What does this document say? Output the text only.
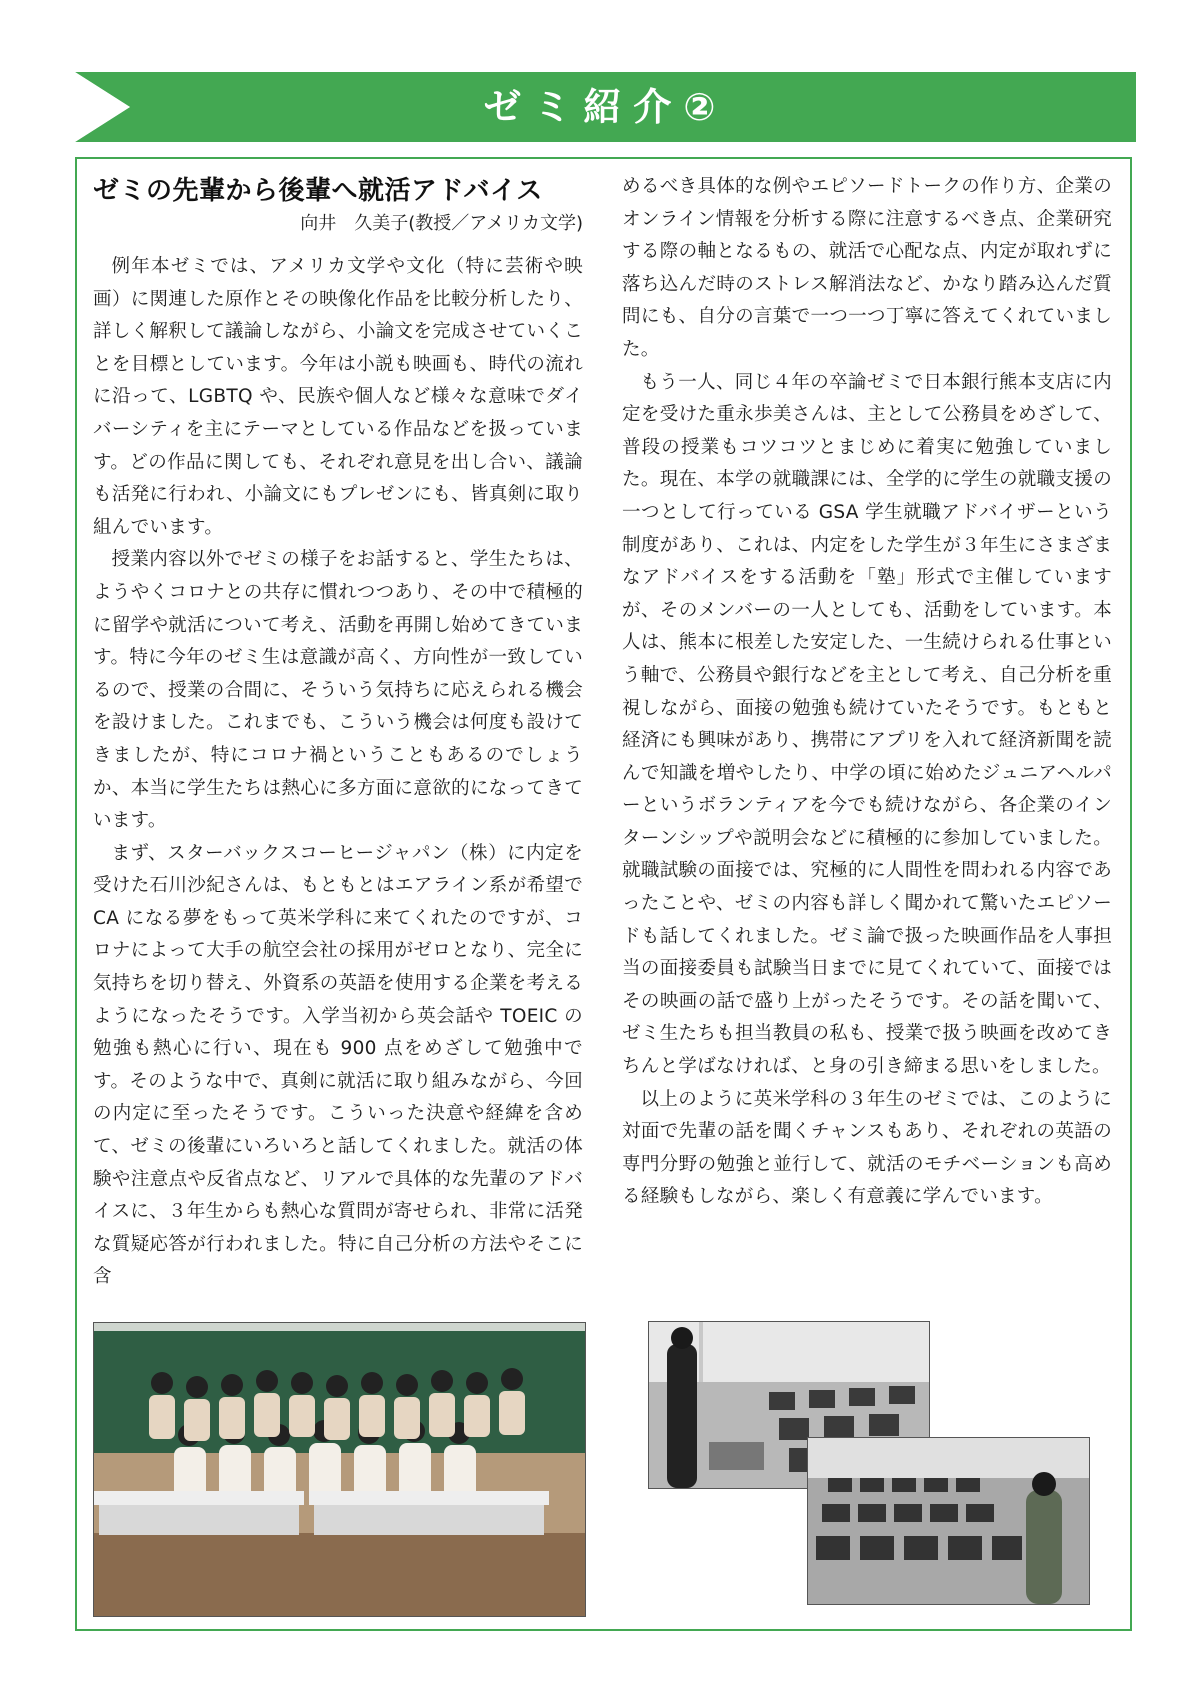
ゼミ紹介②
ゼミの先輩から後輩へ就活アドバイス

向井　久美子(教授／アメリカ文学)

例年本ゼミでは、アメリカ文学や文化（特に芸術や映画）に関連した原作とその映像化作品を比較分析したり、詳しく解釈して議論しながら、小論文を完成させていくことを目標としています。今年は小説も映画も、時代の流れに沿って、LGBTQ や、民族や個人など様々な意味でダイバーシティを主にテーマとしている作品などを扱っています。どの作品に関しても、それぞれ意見を出し合い、議論も活発に行われ、小論文にもプレゼンにも、皆真剣に取り組んでいます。

授業内容以外でゼミの様子をお話すると、学生たちは、ようやくコロナとの共存に慣れつつあり、その中で積極的に留学や就活について考え、活動を再開し始めてきています。特に今年のゼミ生は意識が高く、方向性が一致しているので、授業の合間に、そういう気持ちに応えられる機会を設けました。これまでも、こういう機会は何度も設けてきましたが、特にコロナ禍ということもあるのでしょうか、本当に学生たちは熱心に多方面に意欲的になってきています。

まず、スターバックスコーヒージャパン（株）に内定を受けた石川沙紀さんは、もともとはエアライン系が希望で CA になる夢をもって英米学科に来てくれたのですが、コロナによって大手の航空会社の採用がゼロとなり、完全に気持ちを切り替え、外資系の英語を使用する企業を考えるようになったそうです。入学当初から英会話や TOEIC の勉強も熱心に行い、現在も 900 点をめざして勉強中です。そのような中で、真剣に就活に取り組みながら、今回の内定に至ったそうです。こういった決意や経緯を含めて、ゼミの後輩にいろいろと話してくれました。就活の体験や注意点や反省点など、リアルで具体的な先輩のアドバイスに、３年生からも熱心な質問が寄せられ、非常に活発な質疑応答が行われました。特に自己分析の方法やそこに含

めるべき具体的な例やエピソードトークの作り方、企業のオンライン情報を分析する際に注意するべき点、企業研究する際の軸となるもの、就活で心配な点、内定が取れずに落ち込んだ時のストレス解消法など、かなり踏み込んだ質問にも、自分の言葉で一つ一つ丁寧に答えてくれていました。

もう一人、同じ４年の卒論ゼミで日本銀行熊本支店に内定を受けた重永歩美さんは、主として公務員をめざして、普段の授業もコツコツとまじめに着実に勉強していました。現在、本学の就職課には、全学的に学生の就職支援の一つとして行っている GSA 学生就職アドバイザーという制度があり、これは、内定をした学生が３年生にさまざまなアドバイスをする活動を「塾」形式で主催していますが、そのメンバーの一人としても、活動をしています。本人は、熊本に根差した安定した、一生続けられる仕事という軸で、公務員や銀行などを主として考え、自己分析を重視しながら、面接の勉強も続けていたそうです。もともと経済にも興味があり、携帯にアプリを入れて経済新聞を読んで知識を増やしたり、中学の頃に始めたジュニアヘルパーというボランティアを今でも続けながら、各企業のインターンシップや説明会などに積極的に参加していました。就職試験の面接では、究極的に人間性を問われる内容であったことや、ゼミの内容も詳しく聞かれて驚いたエピソードも話してくれました。ゼミ論で扱った映画作品を人事担当の面接委員も試験当日までに見てくれていて、面接ではその映画の話で盛り上がったそうです。その話を聞いて、ゼミ生たちも担当教員の私も、授業で扱う映画を改めてきちんと学ばなければ、と身の引き締まる思いをしました。

以上のように英米学科の３年生のゼミでは、このように対面で先輩の話を聞くチャンスもあり、それぞれの英語の専門分野の勉強と並行して、就活のモチベーションも高める経験もしながら、楽しく有意義に学んでいます。
